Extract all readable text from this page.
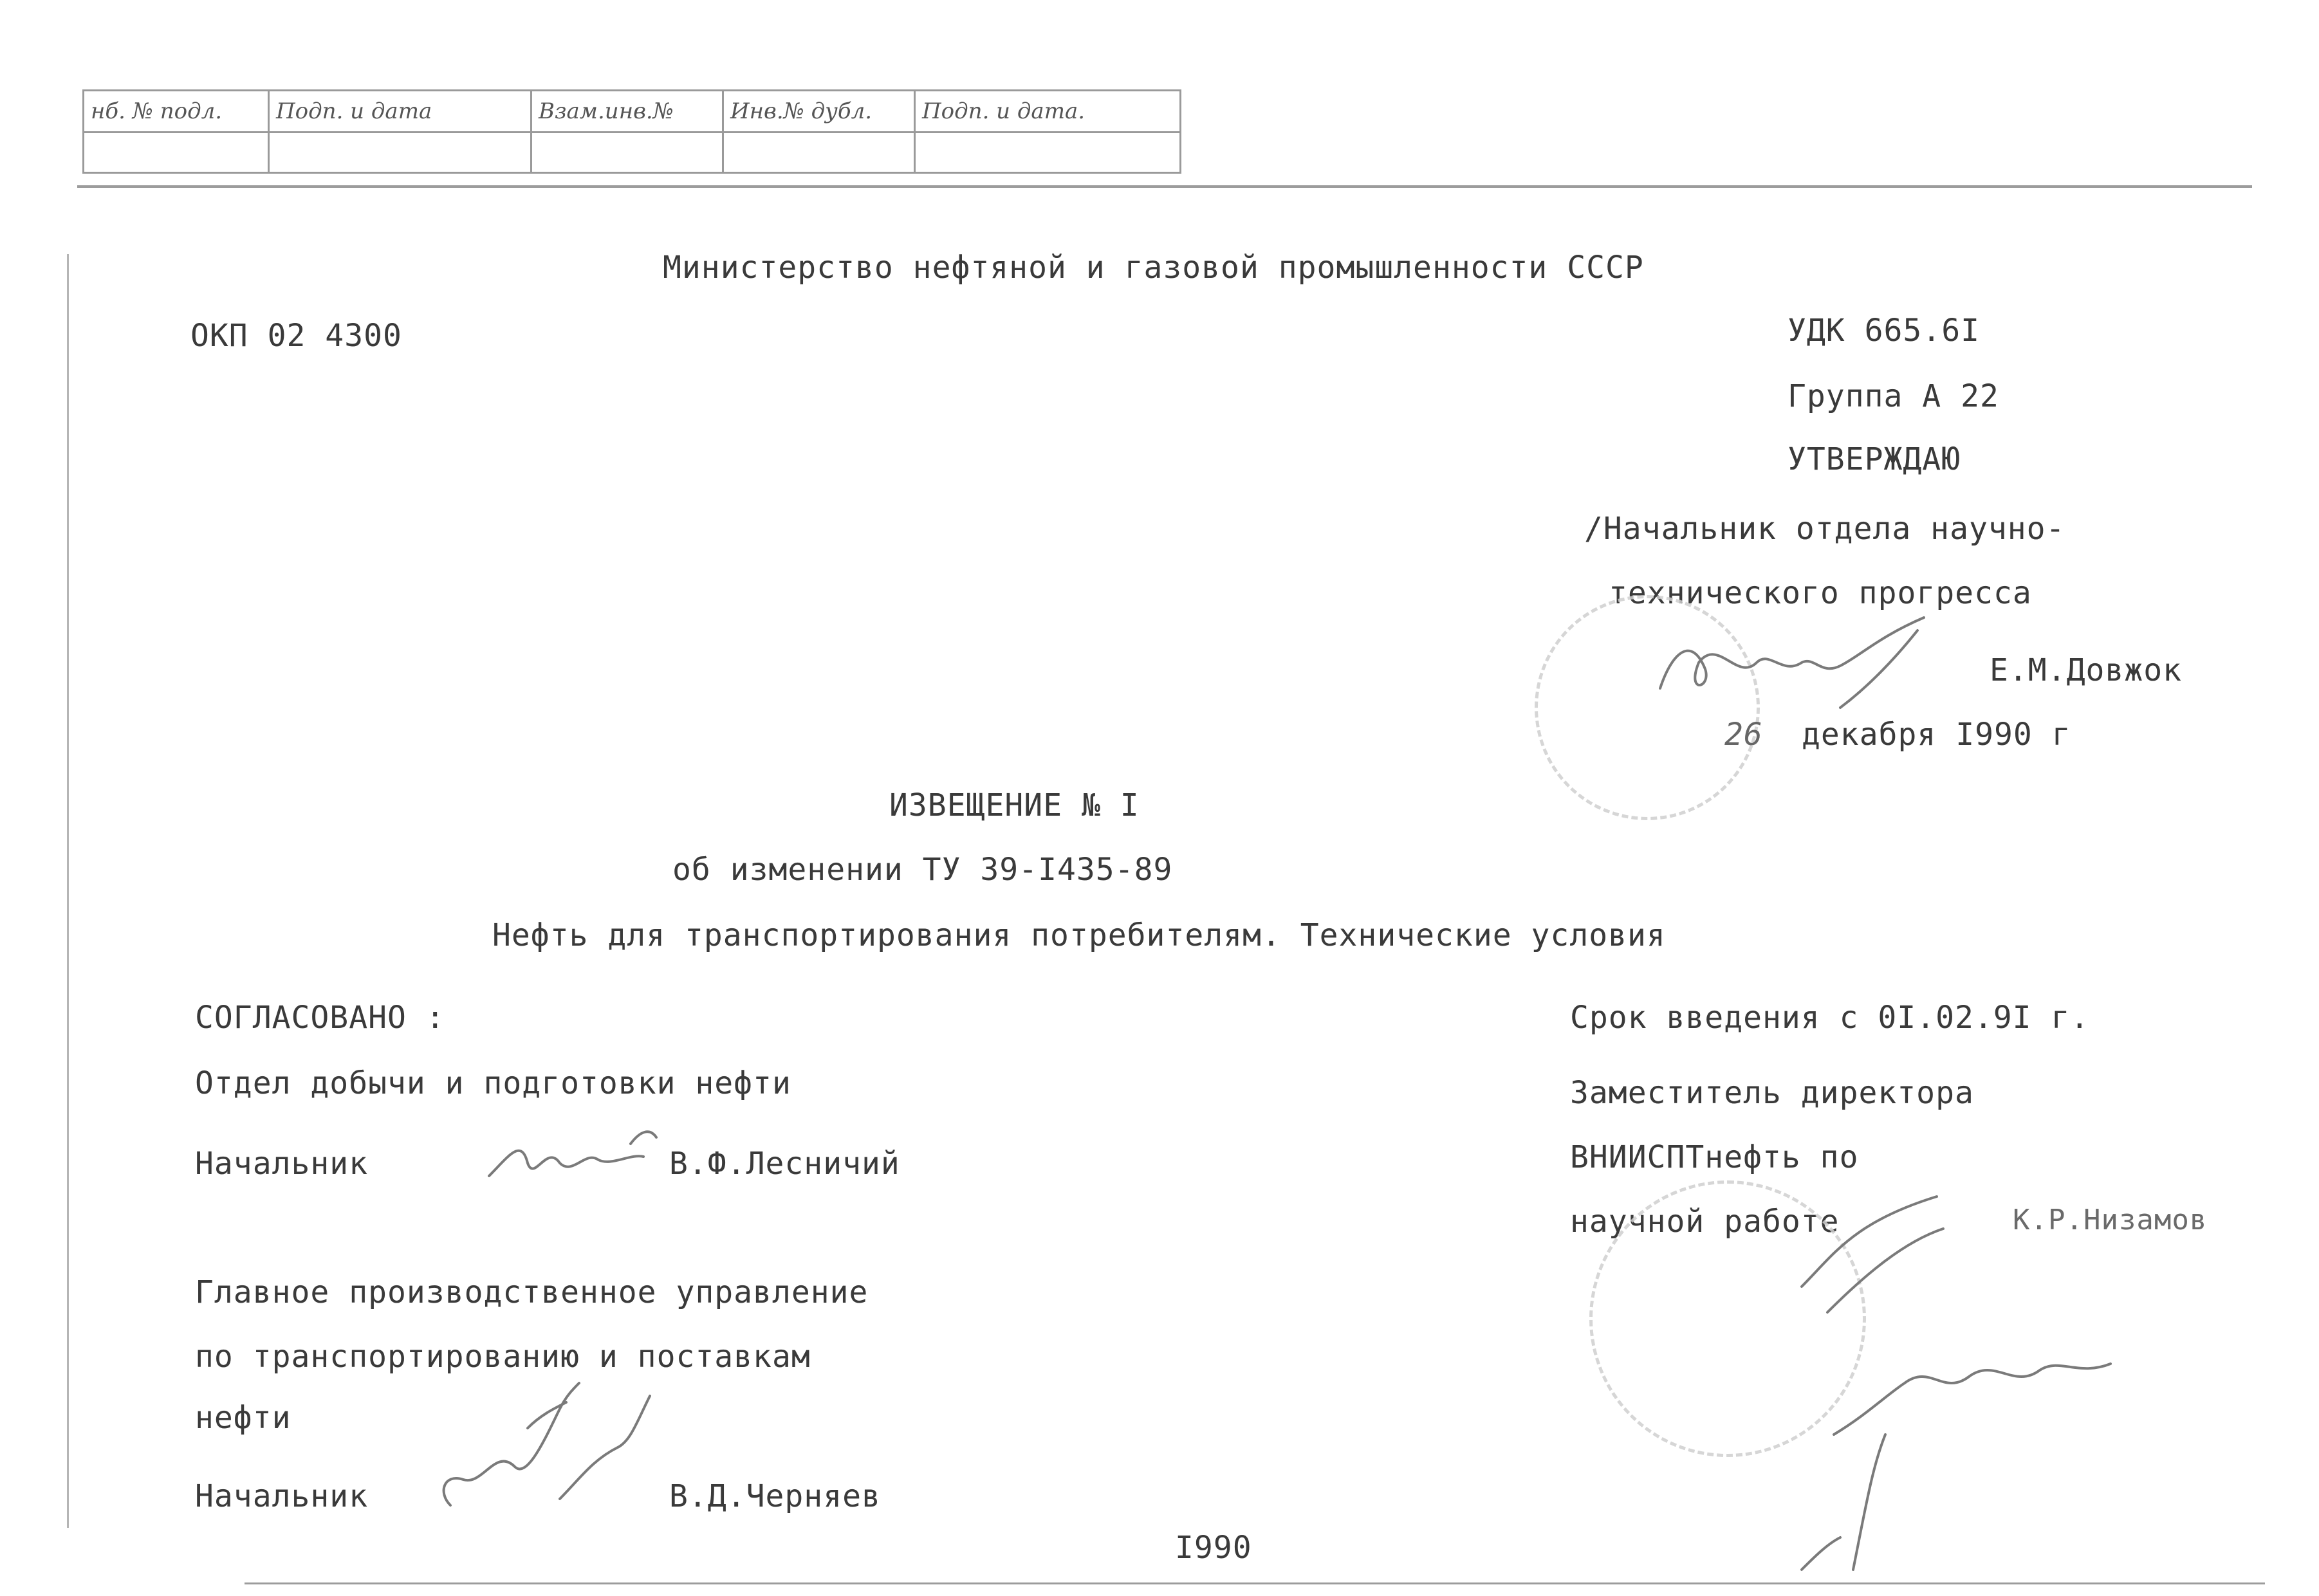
нб. № подл.	Подп. и дата	Взам.инв.№	Инв.№ дубл.	Подп. и дата.

Министерство нефтяной и газовой промышленности СССР
ОКП 02 4300	УДК 665.6I
Группа А 22
УТВЕРЖДАЮ
/Начальник отдела научно-
технического прогресса
Е.М.Довжок
26 декабря I990 г
ИЗВЕЩЕНИЕ № I
об изменении ТУ 39-I435-89
Нефть для транспортирования потребителям. Технические условия
СОГЛАСОВАНО :
Отдел добычи и подготовки нефти
Начальник	В.Ф.Лесничий
Главное производственное управление
по транспортированию и поставкам
нефти
Начальник	В.Д.Черняев
Срок введения с 0I.02.9I г.
Заместитель директора
ВНИИСПТнефть по
научной работе	К.Р.Низамов
I990
